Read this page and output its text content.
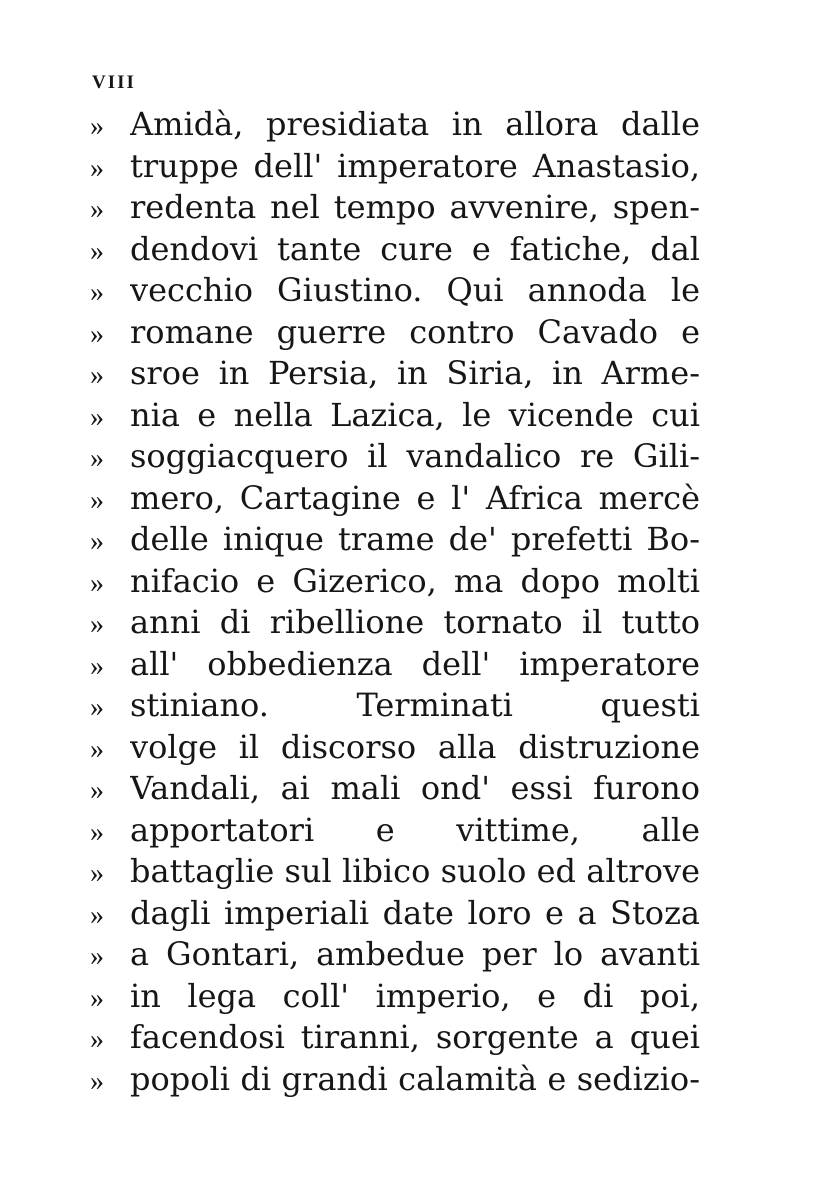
VIII
» Amidà, presidiata in allora dalle
» truppe dell' imperatore Anastasio,
» redenta nel tempo avvenire, spen-
» dendovi tante cure e fatiche, dal
» vecchio Giustino. Qui annoda le
» romane guerre contro Cavado e
» sroe in Persia, in Siria, in Arme-
» nia e nella Lazica, le vicende cui
» soggiacquero il vandalico re Gili-
» mero, Cartagine e l' Africa mercè
» delle inique trame de' prefetti Bo-
» nifacio e Gizerico, ma dopo molti
» anni di ribellione tornato il tutto
» all' obbedienza dell' imperatore
» stiniano. Terminati questi
» volge il discorso alla distruzione
» Vandali, ai mali ond' essi furono
» apportatori e vittime, alle
» battaglie sul libico suolo ed altrove
» dagli imperiali date loro e a Stoza
» a Gontari, ambedue per lo avanti
» in lega coll' imperio, e di poi,
» facendosi tiranni, sorgente a quei
» popoli di grandi calamità e sedizio-
